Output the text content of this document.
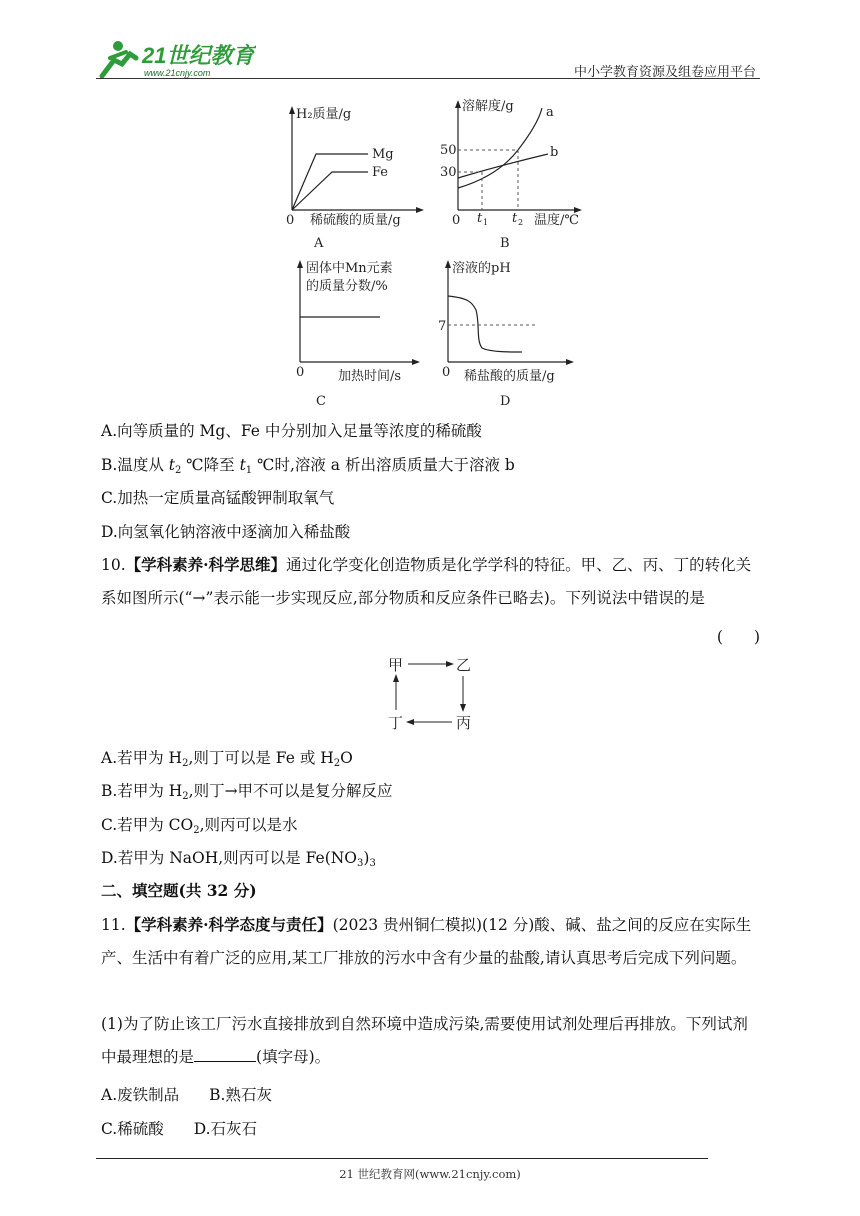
21世纪教育
www.21cnjy.com	中小学教育资源及组卷应用平台
H₂质量/g
Mg
Fe
0 稀硫酸的质量/g
A
溶解度/g a
b
50
30
0 t 1 t 2 温度/℃
B
固体中Mn元素
的质量分数/%
0	加热时间/s
C
溶液的pH
7
0 稀盐酸的质量/g
D
A.向等质量的 Mg、Fe 中分别加入足量等浓度的稀硫酸
B.温度从 $t_2$ ℃降至 $t_1$ ℃时,溶液 a 析出溶质质量大于溶液 b
C.加热一定质量高锰酸钾制取氧气
D.向氢氧化钠溶液中逐滴加入稀盐酸
10.【学科素养·科学思维】通过化学变化创造物质是化学学科的特征。甲、乙、丙、丁的转化关系如图所示(“→”表示能一步实现反应,部分物质和反应条件已略去)。下列说法中错误的是
(　　)
甲	乙
丙
丁
A.若甲为 $H_2$,则丁可以是 Fe 或 $H_2O$
B.若甲为 $H_2$,则丁→甲不可以是复分解反应
C.若甲为 $CO_2$,则丙可以是水
D.若甲为 NaOH,则丙可以是 $Fe(NO_3)_3$
二、填空题(共 32 分)
11.【学科素养·科学态度与责任】(2023 贵州铜仁模拟)(12 分)酸、碱、盐之间的反应在实际生产、生活中有着广泛的应用,某工厂排放的污水中含有少量的盐酸,请认真思考后完成下列问题。
(1)为了防止该工厂污水直接排放到自然环境中造成污染,需要使用试剂处理后再排放。下列试剂中最理想的是	(填字母)。
A.废铁制品 B.熟石灰
C.稀硫酸 D.石灰石
21 世纪教育网(www.21cnjy.com)
